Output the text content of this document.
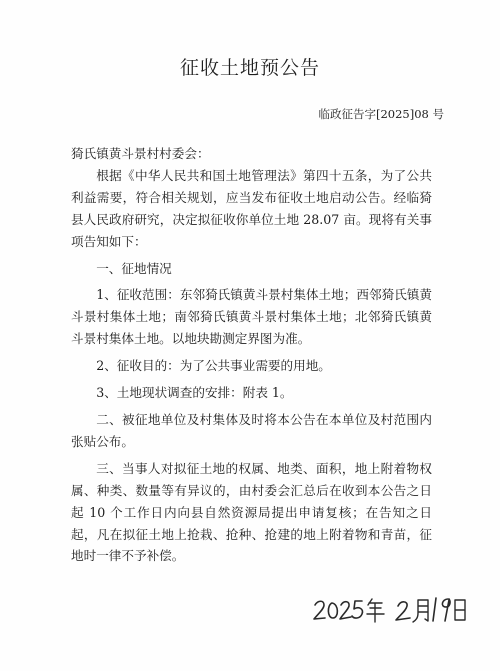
征收土地预公告
临政征告字[2025]08 号

猗氏镇黄斗景村村委会：

根据《中华人民共和国土地管理法》第四十五条，为了公共利益需要，符合相关规划，应当发布征收土地启动公告。经临猗县人民政府研究，决定拟征收你单位土地 28.07 亩。现将有关事项告知如下：

一、征地情况

1、征收范围：东邻猗氏镇黄斗景村集体土地；西邻猗氏镇黄斗景村集体土地；南邻猗氏镇黄斗景村集体土地；北邻猗氏镇黄斗景村集体土地。以地块勘测定界图为准。

2、征收目的：为了公共事业需要的用地。

3、土地现状调查的安排：附表 1。

二、被征地单位及村集体及时将本公告在本单位及村范围内张贴公布。

三、当事人对拟征土地的权属、地类、面积，地上附着物权属、种类、数量等有异议的，由村委会汇总后在收到本公告之日起 10 个工作日内向县自然资源局提出申请复核；在告知之日起，凡在拟征土地上抢栽、抢种、抢建的地上附着物和青苗，征地时一律不予补偿。
